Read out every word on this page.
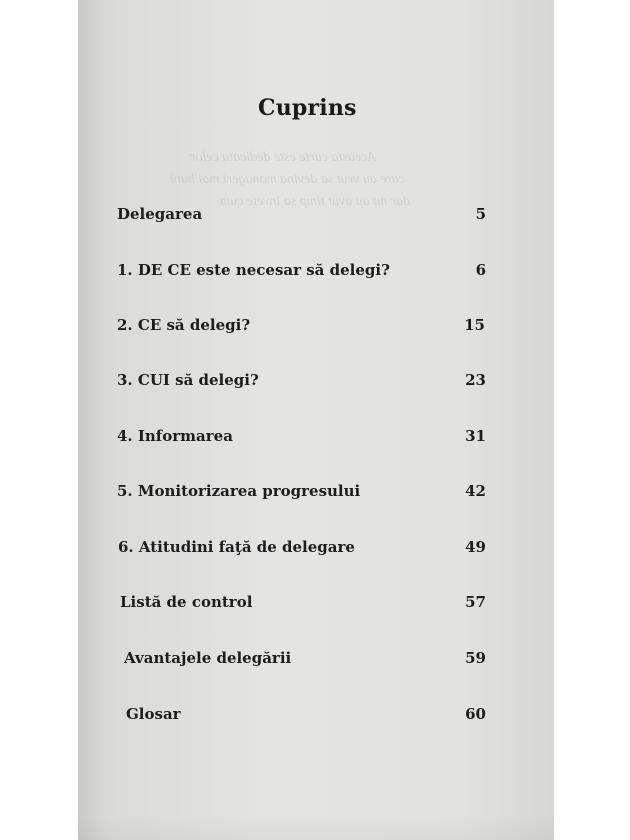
Aceasta carte este dedicata celor
care au vrut sa devina manageri mai buni
dar nu au avut timp sa invete cum
Cuprins
Delegarea	5
1. DE CE este necesar să delegi?	6
2. CE să delegi?	15
3. CUI să delegi?	23
4. Informarea	31
5. Monitorizarea progresului	42
6. Atitudini faţă de delegare	49
Listă de control	57
Avantajele delegării	59
Glosar	60
